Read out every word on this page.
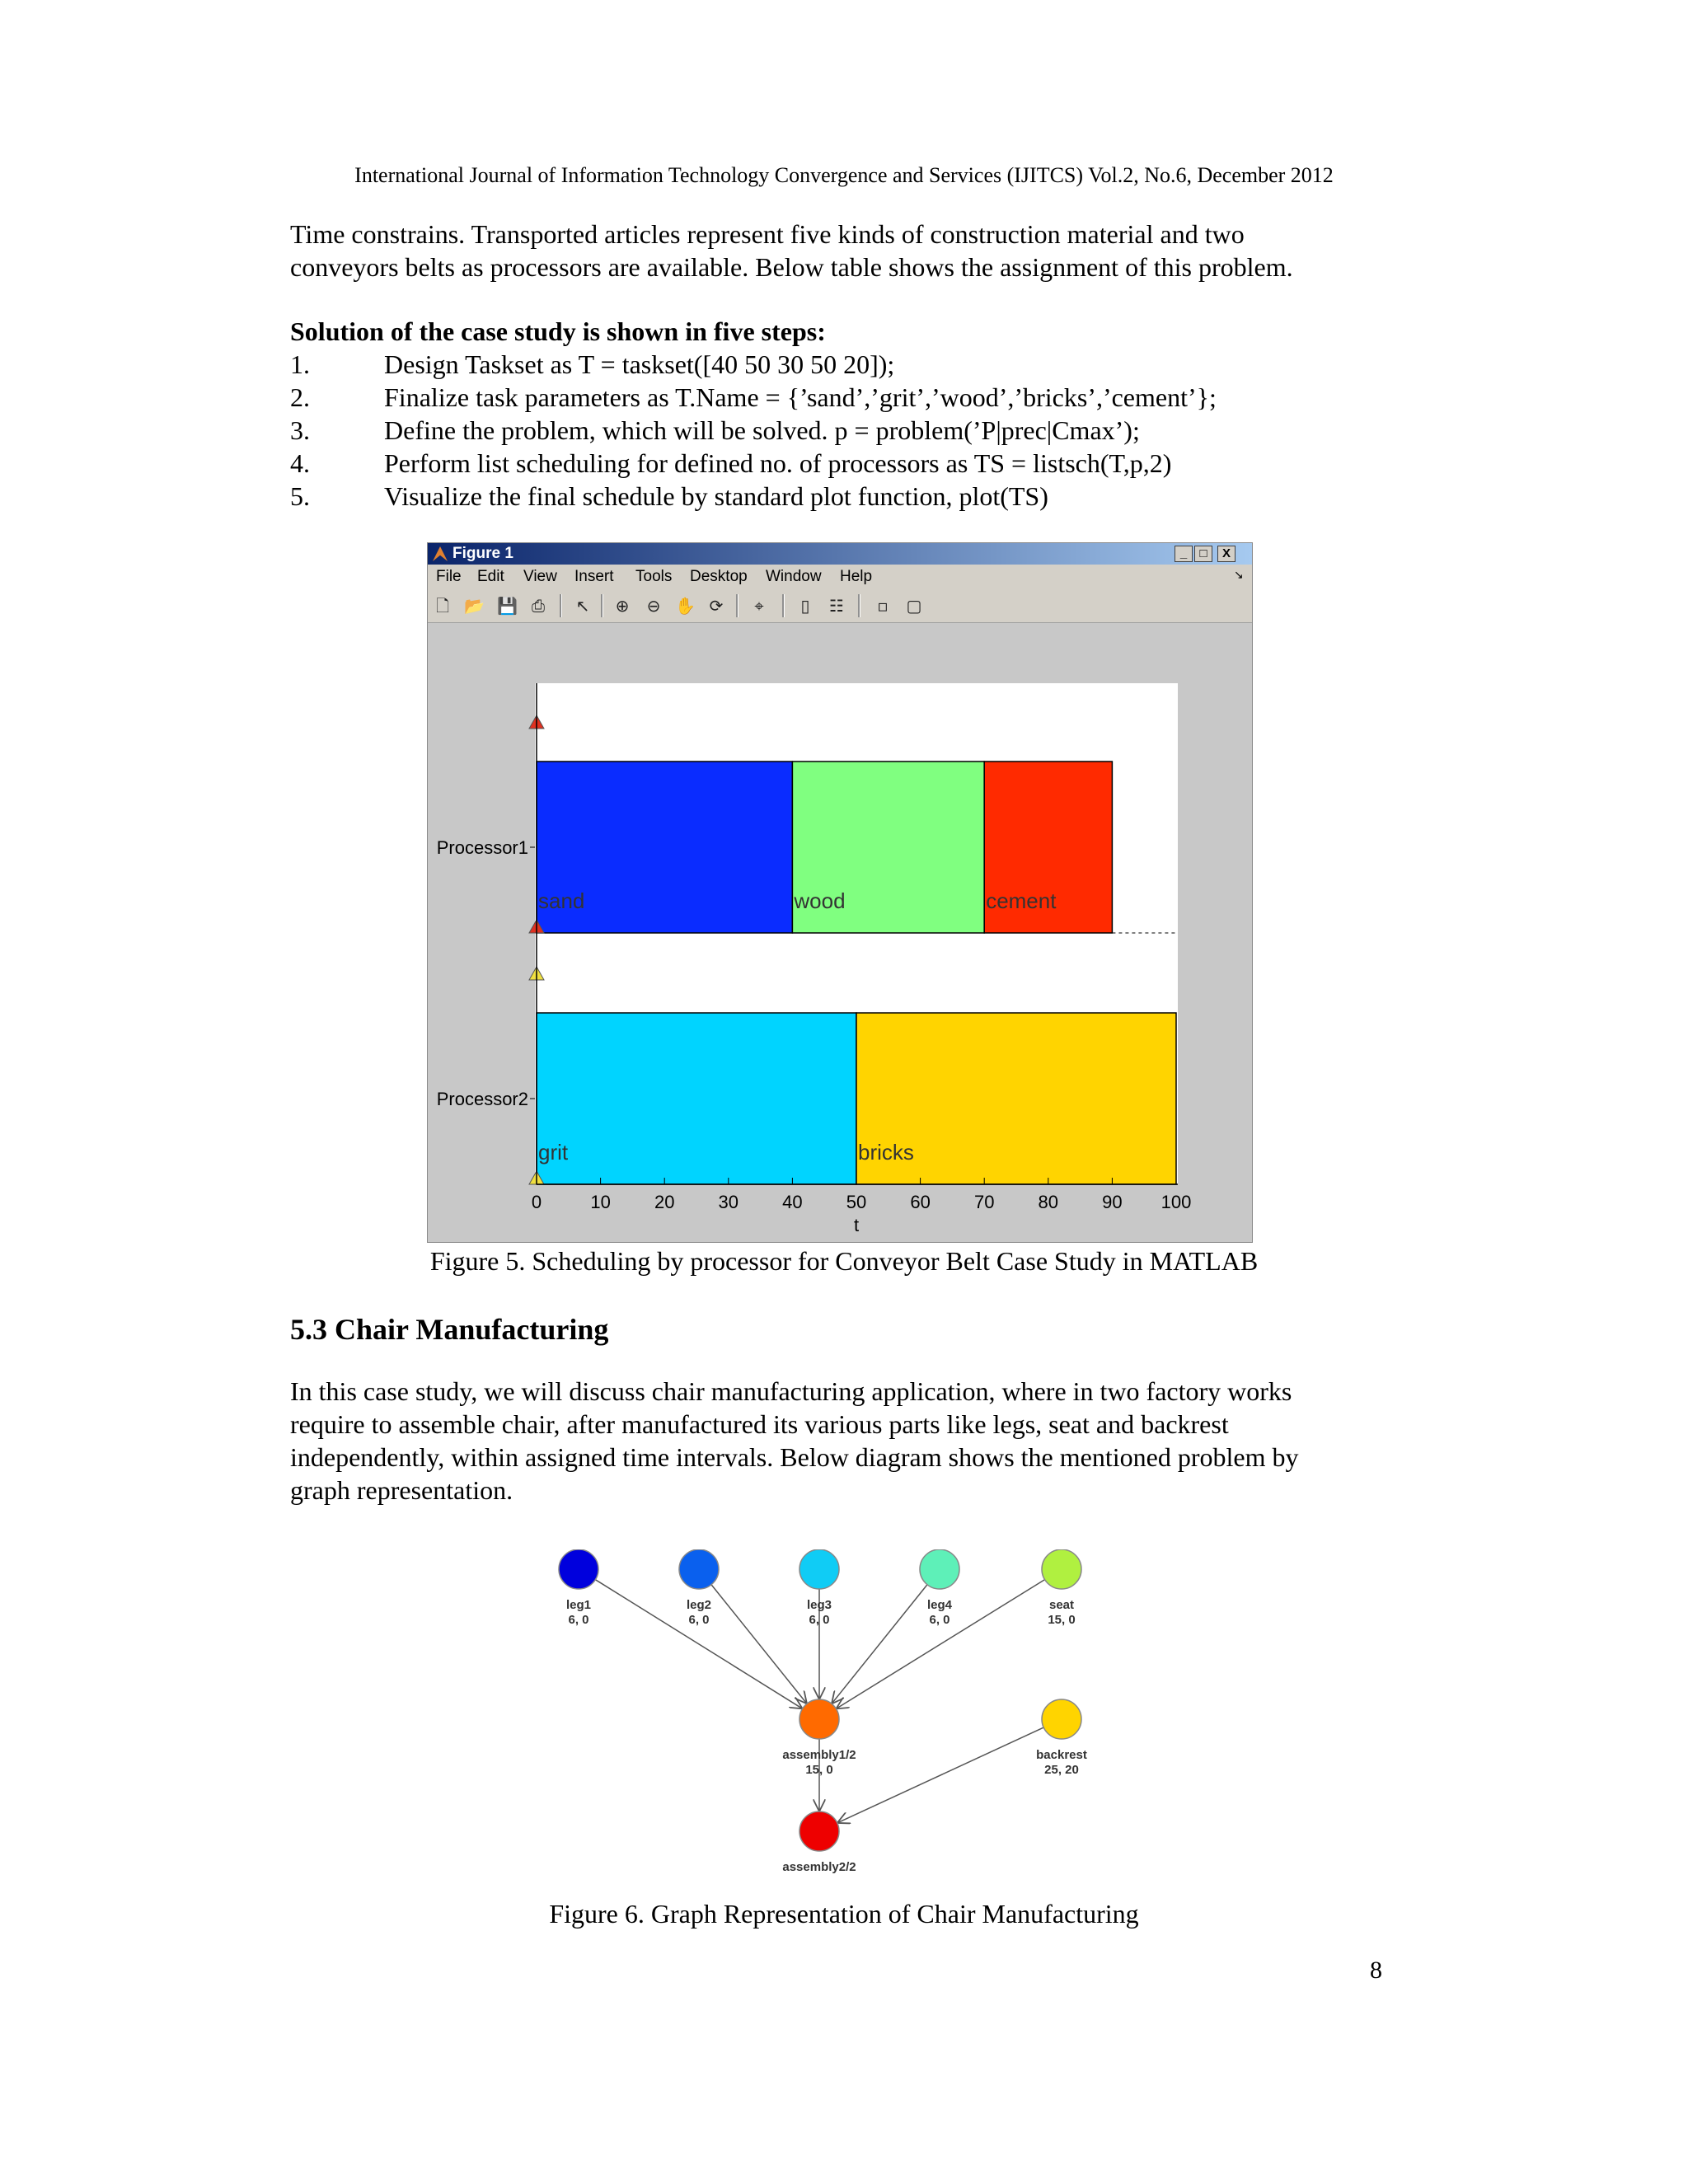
International Journal of Information Technology Convergence and Services (IJITCS) Vol.2, No.6, December 2012
Time constrains. Transported articles represent five kinds of construction material and two
conveyors belts as processors are available. Below table shows the assignment of this problem.
Solution of the case study is shown in five steps:
1.	Design Taskset as T = taskset([40 50 30 50 20]);
2.	Finalize task parameters as T.Name = {’sand’,’grit’,’wood’,’bricks’,’cement’};
3.	Define the problem, which will be solved. p = problem(’P|prec|Cmax’);
4.	Perform list scheduling for defined no. of processors as TS = listsch(T,p,2)
5.	Visualize the final schedule by standard plot function, plot(TS)
Figure 1	_	□	X
File Edit View Insert Tools Desktop Window Help	↘
🗋 📂 💾 ⎙ ↖ ⊕ ⊖ ✋ ⟳	⌖	▯	☷ ▫ ▢
sand	wood	cement
Processor1
grit	bricks
Processor2
0	10 20 30 40 50 60 70 80 90 100
t
Figure 5. Scheduling by processor for Conveyor Belt Case Study in MATLAB
5.3 Chair Manufacturing
In this case study, we will discuss chair manufacturing application, where in two factory works
require to assemble chair, after manufactured its various parts like legs, seat and backrest
independently, within assigned time intervals. Below diagram shows the mentioned problem by
graph representation.
leg1
6, 0
leg2
6, 0
leg3
6, 0
leg4
6, 0
seat
15, 0
assembly1/2
15, 0
backrest
25, 20
assembly2/2
Figure 6. Graph Representation of Chair Manufacturing
8
